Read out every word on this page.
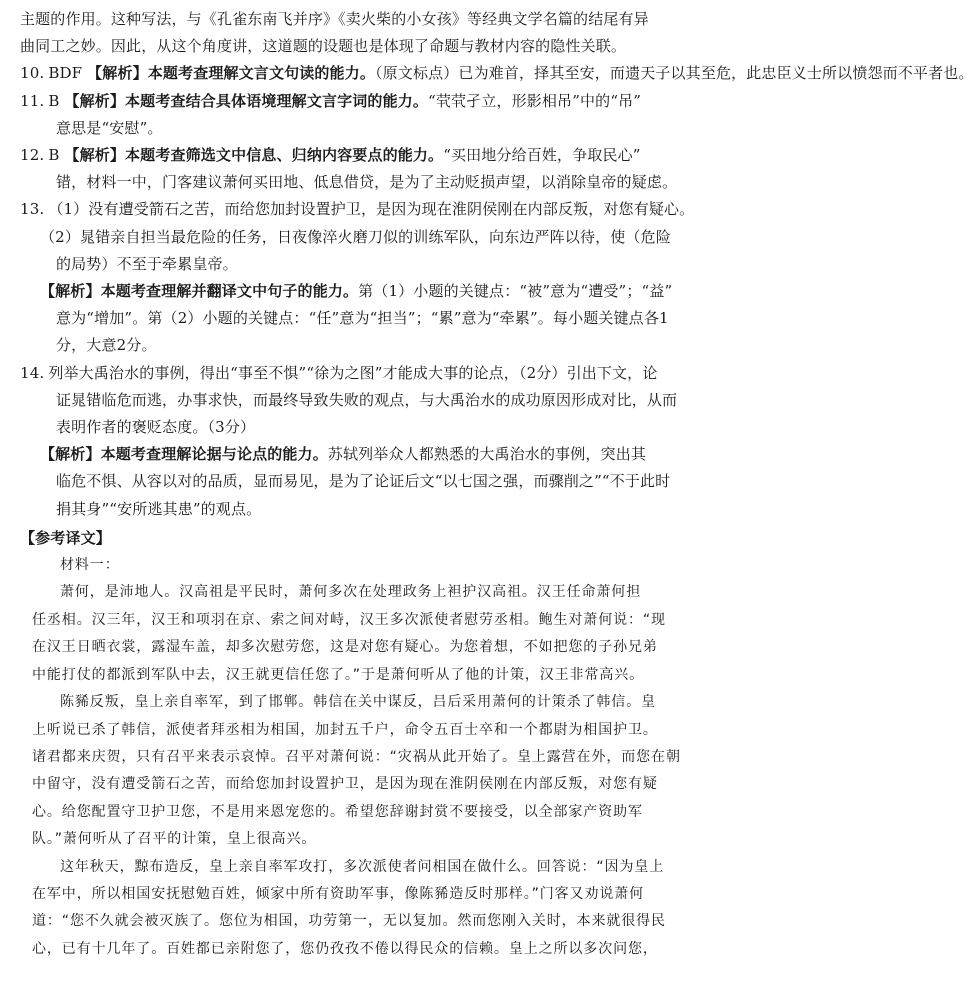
主题的作用。这种写法，与《孔雀东南飞并序》《卖火柴的小女孩》等经典文学名篇的结尾有异
曲同工之妙。因此，从这个角度讲，这道题的设题也是体现了命题与教材内容的隐性关联。
10. BDF 【解析】本题考查理解文言文句读的能力。（原文标点）已为难首，择其至安，而遗天子以其至危，此忠臣义士所以愤怨而不平者也。
11. B 【解析】本题考查结合具体语境理解文言字词的能力。“茕茕孑立，形影相吊”中的“吊”
意思是“安慰”。
12. B 【解析】本题考查筛选文中信息、归纳内容要点的能力。“买田地分给百姓，争取民心”
错，材料一中，门客建议萧何买田地、低息借贷，是为了主动贬损声望，以消除皇帝的疑虑。
13. （1）没有遭受箭石之苦，而给您加封设置护卫，是因为现在淮阴侯刚在内部反叛，对您有疑心。
（2）晁错亲自担当最危险的任务，日夜像淬火磨刀似的训练军队，向东边严阵以待，使（危险
的局势）不至于牵累皇帝。
【解析】本题考查理解并翻译文中句子的能力。第（1）小题的关键点：“被”意为“遭受”；“益”
意为“增加”。第（2）小题的关键点：“任”意为“担当”；“累”意为“牵累”。每小题关键点各1
分，大意2分。
14. 列举大禹治水的事例，得出“事至不惧”“徐为之图”才能成大事的论点，（2分）引出下文，论
证晁错临危而逃，办事求快，而最终导致失败的观点，与大禹治水的成功原因形成对比，从而
表明作者的褒贬态度。（3分）
【解析】本题考查理解论据与论点的能力。苏轼列举众人都熟悉的大禹治水的事例，突出其
临危不惧、从容以对的品质，显而易见，是为了论证后文“以七国之强，而骤削之”“不于此时
捐其身”“安所逃其患”的观点。
【参考译文】
材料一：
萧何，是沛地人。汉高祖是平民时，萧何多次在处理政务上袒护汉高祖。汉王任命萧何担
任丞相。汉三年，汉王和项羽在京、索之间对峙，汉王多次派使者慰劳丞相。鲍生对萧何说：“现
在汉王日晒衣裳，露湿车盖，却多次慰劳您，这是对您有疑心。为您着想，不如把您的子孙兄弟
中能打仗的都派到军队中去，汉王就更信任您了。”于是萧何听从了他的计策，汉王非常高兴。
陈豨反叛，皇上亲自率军，到了邯郸。韩信在关中谋反，吕后采用萧何的计策杀了韩信。皇
上听说已杀了韩信，派使者拜丞相为相国，加封五千户，命令五百士卒和一个都尉为相国护卫。
诸君都来庆贺，只有召平来表示哀悼。召平对萧何说：“灾祸从此开始了。皇上露营在外，而您在朝
中留守，没有遭受箭石之苦，而给您加封设置护卫，是因为现在淮阴侯刚在内部反叛，对您有疑
心。给您配置守卫护卫您，不是用来恩宠您的。希望您辞谢封赏不要接受，以全部家产资助军
队。”萧何听从了召平的计策，皇上很高兴。
这年秋天，黥布造反，皇上亲自率军攻打，多次派使者问相国在做什么。回答说：“因为皇上
在军中，所以相国安抚慰勉百姓，倾家中所有资助军事，像陈豨造反时那样。”门客又劝说萧何
道：“您不久就会被灭族了。您位为相国，功劳第一，无以复加。然而您刚入关时，本来就很得民
心，已有十几年了。百姓都已亲附您了，您仍孜孜不倦以得民众的信赖。皇上之所以多次问您，
